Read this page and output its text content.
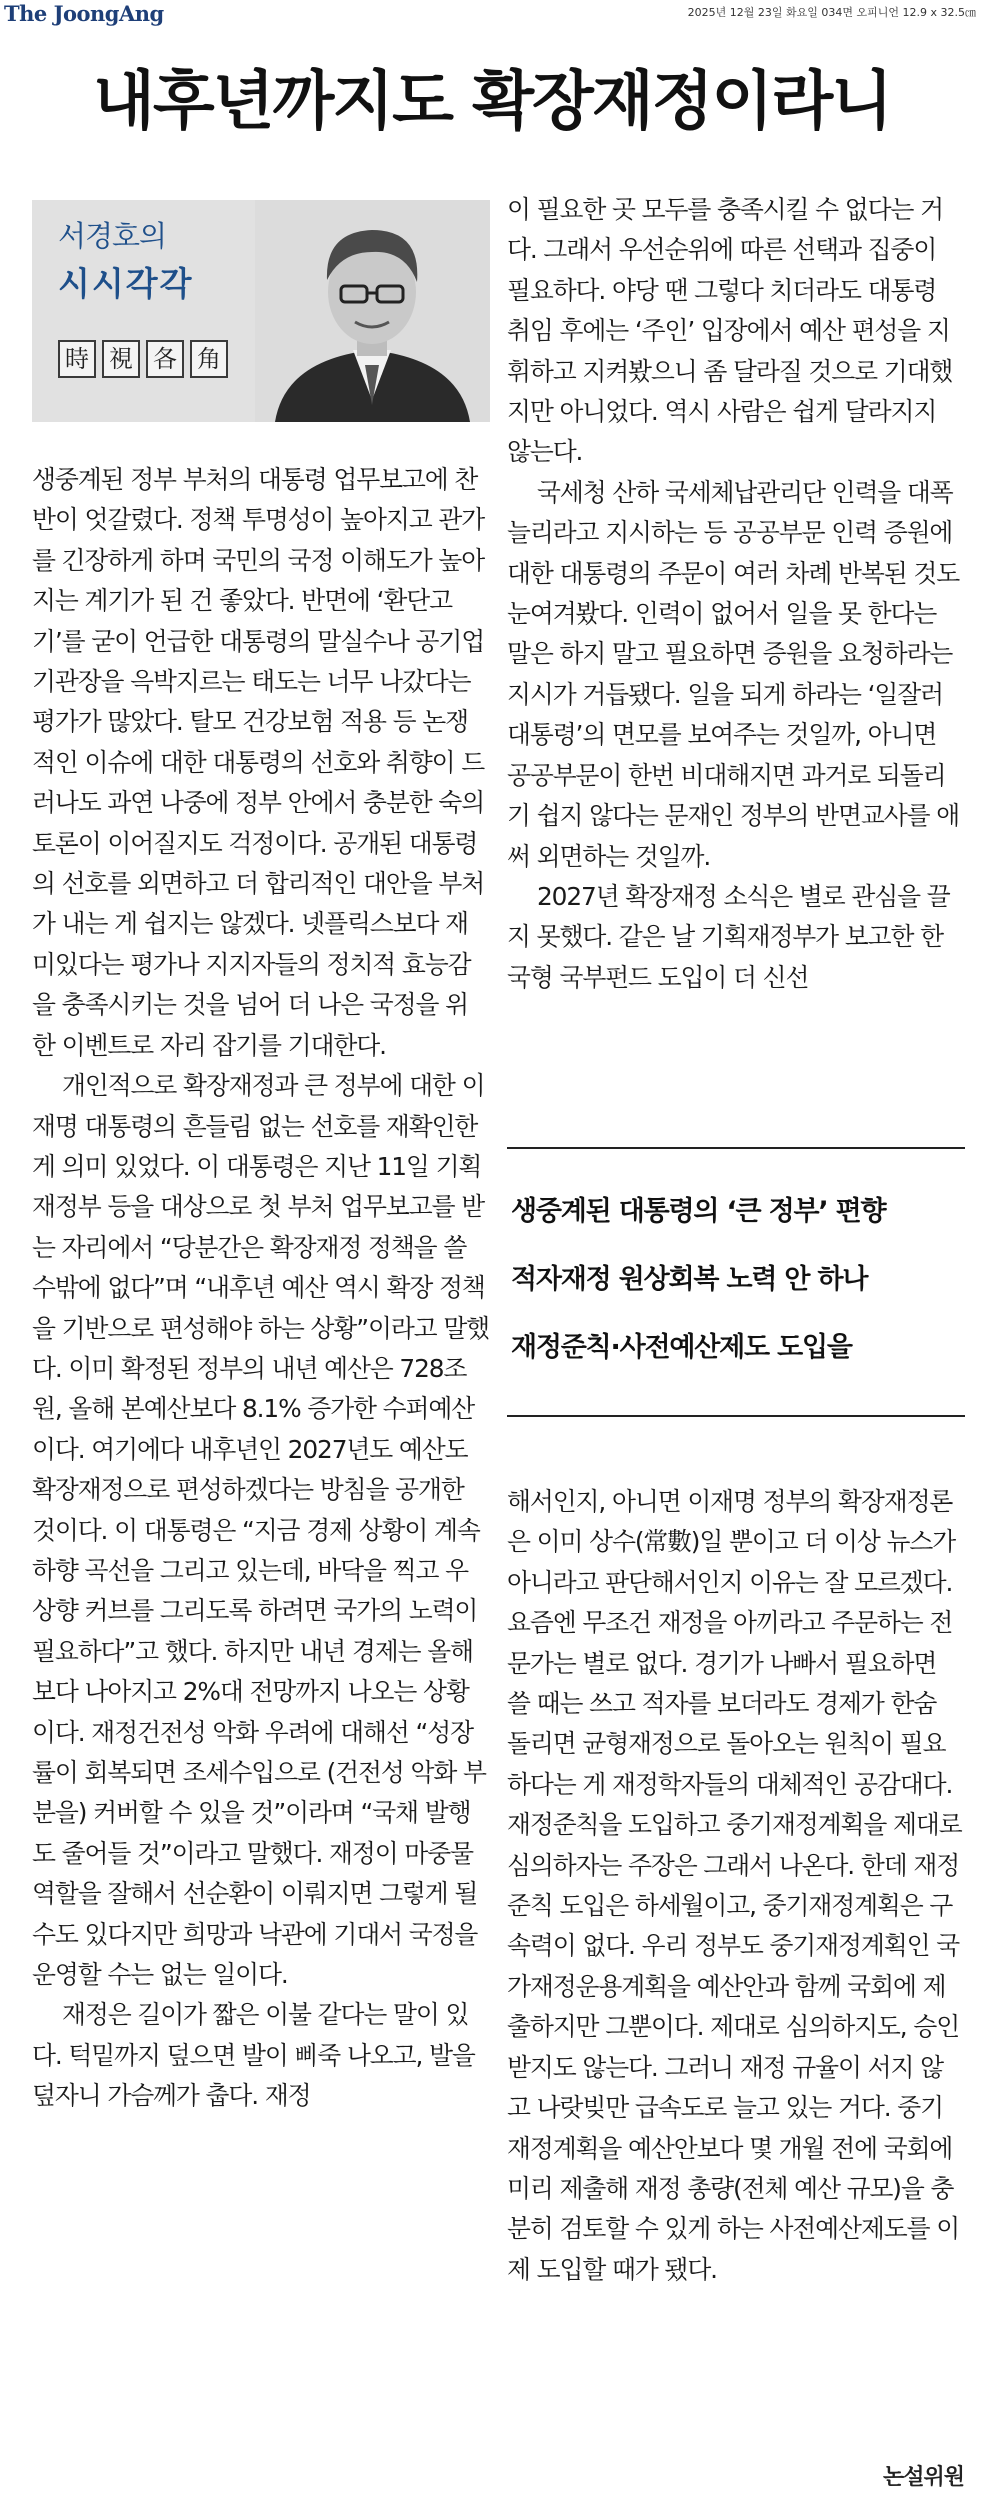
The JoongAng	2025년 12월 23일 화요일 034면 오피니언 12.9 x 32.5㎝
내후년까지도 확장재정이라니
서경호의
시시각각
時 視 各 角

생중계된 정부 부처의 대통령 업무보고에 찬반이 엇갈렸다. 정책 투명성이 높아지고 관가를 긴장하게 하며 국민의 국정 이해도가 높아지는 계기가 된 건 좋았다. 반면에 ‘환단고기’를 굳이 언급한 대통령의 말실수나 공기업 기관장을 윽박지르는 태도는 너무 나갔다는 평가가 많았다. 탈모 건강보험 적용 등 논쟁적인 이슈에 대한 대통령의 선호와 취향이 드러나도 과연 나중에 정부 안에서 충분한 숙의 토론이 이어질지도 걱정이다. 공개된 대통령의 선호를 외면하고 더 합리적인 대안을 부처가 내는 게 쉽지는 않겠다. 넷플릭스보다 재미있다는 평가나 지지자들의 정치적 효능감을 충족시키는 것을 넘어 더 나은 국정을 위한 이벤트로 자리 잡기를 기대한다.

개인적으로 확장재정과 큰 정부에 대한 이재명 대통령의 흔들림 없는 선호를 재확인한 게 의미 있었다. 이 대통령은 지난 11일 기획재정부 등을 대상으로 첫 부처 업무보고를 받는 자리에서 “당분간은 확장재정 정책을 쓸 수밖에 없다”며 “내후년 예산 역시 확장 정책을 기반으로 편성해야 하는 상황”이라고 말했다. 이미 확정된 정부의 내년 예산은 728조원, 올해 본예산보다 8.1% 증가한 수퍼예산이다. 여기에다 내후년인 2027년도 예산도 확장재정으로 편성하겠다는 방침을 공개한 것이다. 이 대통령은 “지금 경제 상황이 계속 하향 곡선을 그리고 있는데, 바닥을 찍고 우상향 커브를 그리도록 하려면 국가의 노력이 필요하다”고 했다. 하지만 내년 경제는 올해보다 나아지고 2%대 전망까지 나오는 상황이다. 재정건전성 악화 우려에 대해선 “성장률이 회복되면 조세수입으로 (건전성 악화 부분을) 커버할 수 있을 것”이라며 “국채 발행도 줄어들 것”이라고 말했다. 재정이 마중물 역할을 잘해서 선순환이 이뤄지면 그렇게 될 수도 있다지만 희망과 낙관에 기대서 국정을 운영할 수는 없는 일이다.

재정은 길이가 짧은 이불 같다는 말이 있다. 턱밑까지 덮으면 발이 삐죽 나오고, 발을 덮자니 가슴께가 춥다. 재정

이 필요한 곳 모두를 충족시킬 수 없다는 거다. 그래서 우선순위에 따른 선택과 집중이 필요하다. 야당 땐 그렇다 치더라도 대통령 취임 후에는 ‘주인’ 입장에서 예산 편성을 지휘하고 지켜봤으니 좀 달라질 것으로 기대했지만 아니었다. 역시 사람은 쉽게 달라지지 않는다.

국세청 산하 국세체납관리단 인력을 대폭 늘리라고 지시하는 등 공공부문 인력 증원에 대한 대통령의 주문이 여러 차례 반복된 것도 눈여겨봤다. 인력이 없어서 일을 못 한다는 말은 하지 말고 필요하면 증원을 요청하라는 지시가 거듭됐다. 일을 되게 하라는 ‘일잘러 대통령’의 면모를 보여주는 것일까, 아니면 공공부문이 한번 비대해지면 과거로 되돌리기 쉽지 않다는 문재인 정부의 반면교사를 애써 외면하는 것일까.

2027년 확장재정 소식은 별로 관심을 끌지 못했다. 같은 날 기획재정부가 보고한 한국형 국부펀드 도입이 더 신선

생중계된 대통령의 ‘큰 정부’ 편향
적자재정 원상회복 노력 안 하나
재정준칙·사전예산제도 도입을

해서인지, 아니면 이재명 정부의 확장재정론은 이미 상수(常數)일 뿐이고 더 이상 뉴스가 아니라고 판단해서인지 이유는 잘 모르겠다. 요즘엔 무조건 재정을 아끼라고 주문하는 전문가는 별로 없다. 경기가 나빠서 필요하면 쓸 때는 쓰고 적자를 보더라도 경제가 한숨 돌리면 균형재정으로 돌아오는 원칙이 필요하다는 게 재정학자들의 대체적인 공감대다. 재정준칙을 도입하고 중기재정계획을 제대로 심의하자는 주장은 그래서 나온다. 한데 재정준칙 도입은 하세월이고, 중기재정계획은 구속력이 없다. 우리 정부도 중기재정계획인 국가재정운용계획을 예산안과 함께 국회에 제출하지만 그뿐이다. 제대로 심의하지도, 승인받지도 않는다. 그러니 재정 규율이 서지 않고 나랏빚만 급속도로 늘고 있는 거다. 중기재정계획을 예산안보다 몇 개월 전에 국회에 미리 제출해 재정 총량(전체 예산 규모)을 충분히 검토할 수 있게 하는 사전예산제도를 이제 도입할 때가 됐다.

논설위원
